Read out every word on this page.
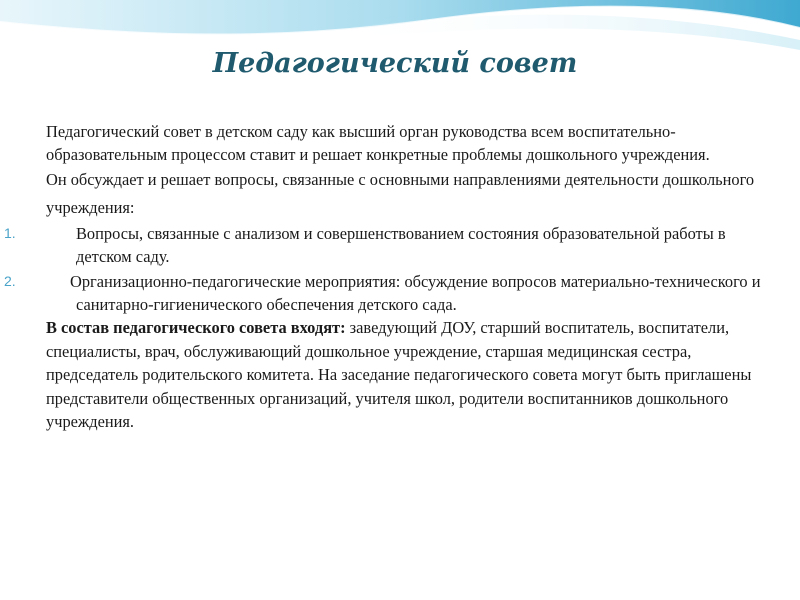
Педагогический совет

Педагогический совет в детском саду как высший орган руководства всем воспитательно-образовательным процессом ставит и решает конкретные проблемы дошкольного учреждения.

Он обсуждает и решает вопросы, связанные с основными направлениями деятельности дошкольного учреждения:

1.	Вопросы, связанные с анализом и совершенствованием состояния образовательной работы в детском саду.
2.	Организационно-педагогические мероприятия: обсуждение вопросов материально-технического и санитарно-гигиенического обеспечения детского сада.

В состав педагогического совета входят: заведующий ДОУ, старший воспитатель, воспитатели, специалисты, врач, обслуживающий дошкольное учреждение, старшая медицинская сестра, председатель родительского комитета. На заседание педагогического совета могут быть приглашены представители общественных организаций, учителя школ, родители воспитанников дошкольного учреждения.
